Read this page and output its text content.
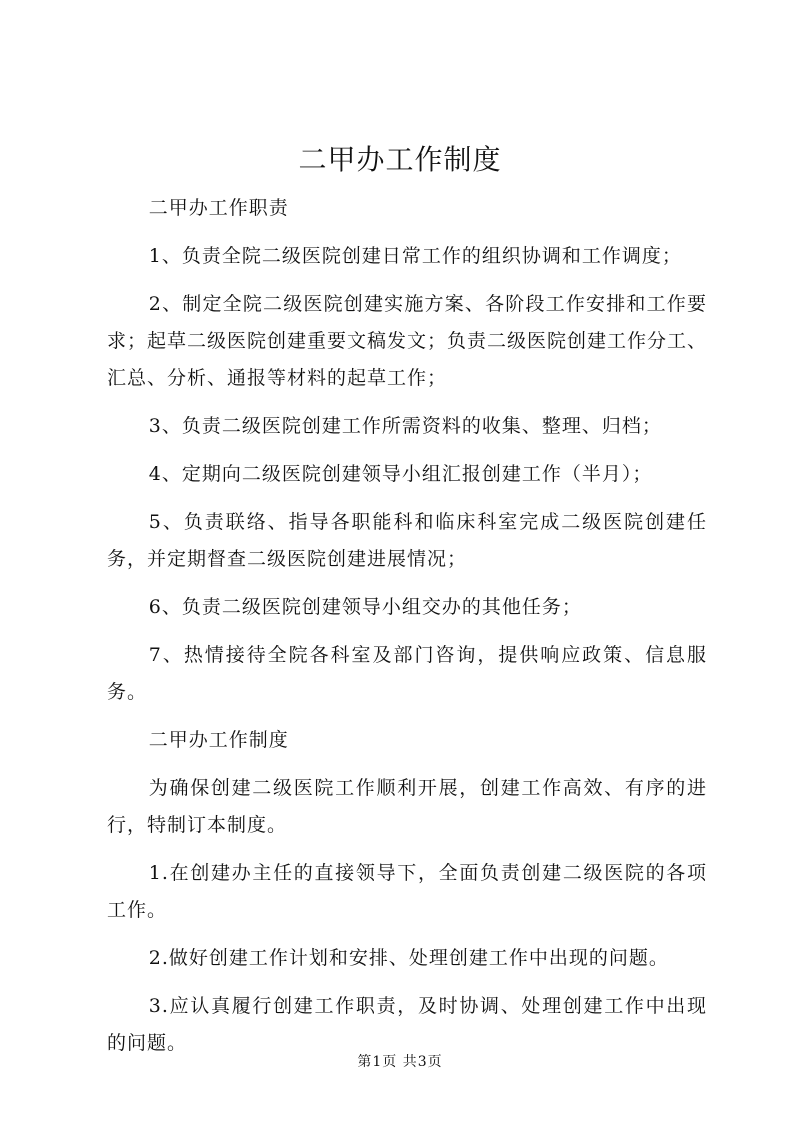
二甲办工作制度

二甲办工作职责

1、负责全院二级医院创建日常工作的组织协调和工作调度；

2、制定全院二级医院创建实施方案、各阶段工作安排和工作要求；起草二级医院创建重要文稿发文；负责二级医院创建工作分工、汇总、分析、通报等材料的起草工作；

3、负责二级医院创建工作所需资料的收集、整理、归档；

4、定期向二级医院创建领导小组汇报创建工作（半月）；

5、负责联络、指导各职能科和临床科室完成二级医院创建任务，并定期督查二级医院创建进展情况；

6、负责二级医院创建领导小组交办的其他任务；

7、热情接待全院各科室及部门咨询，提供响应政策、信息服务。

二甲办工作制度

为确保创建二级医院工作顺利开展，创建工作高效、有序的进行，特制订本制度。

1.在创建办主任的直接领导下，全面负责创建二级医院的各项工作。

2.做好创建工作计划和安排、处理创建工作中出现的问题。

3.应认真履行创建工作职责，及时协调、处理创建工作中出现的问题。

第1页 共3页
